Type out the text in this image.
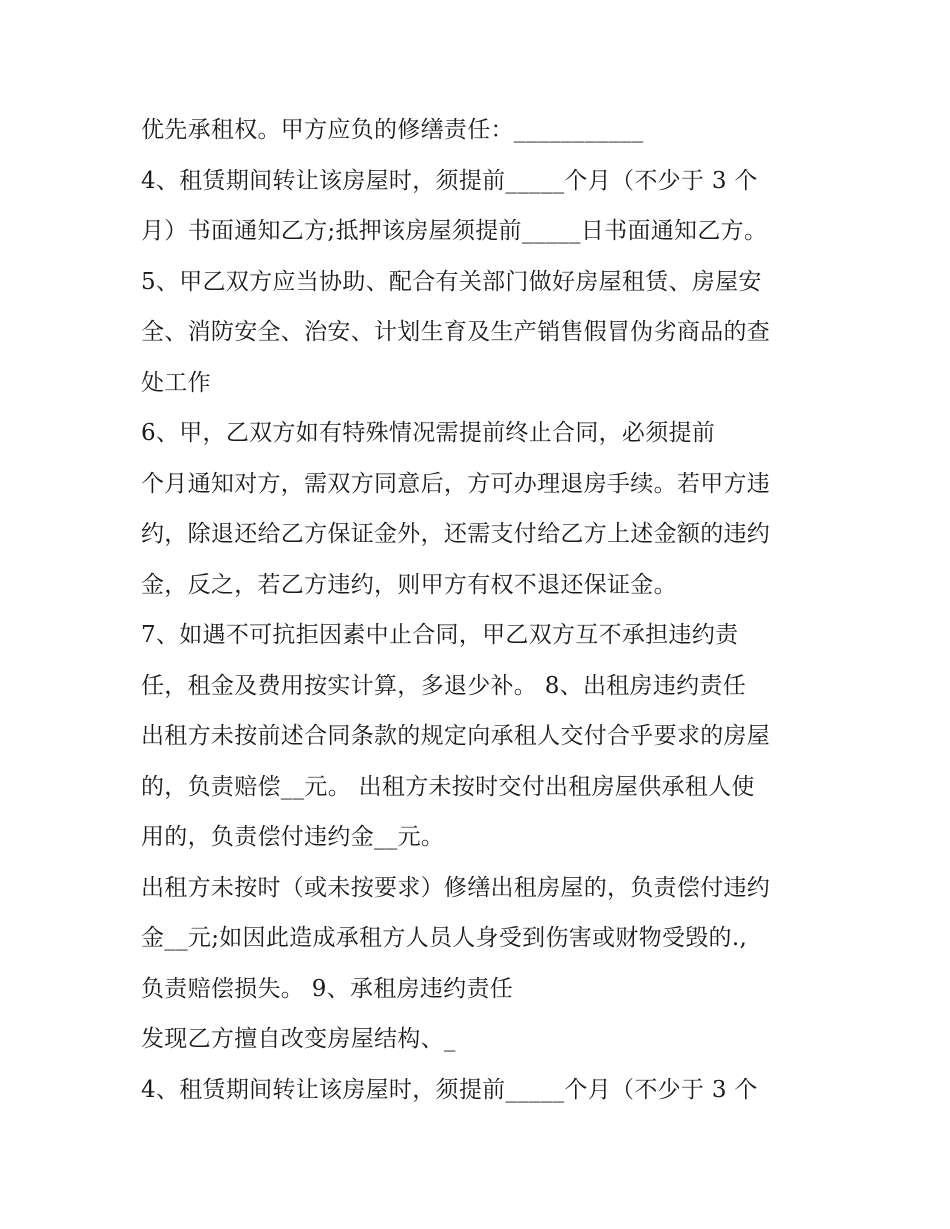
优先承租权。甲方应负的修缮责任：___________
4、租赁期间转让该房屋时，须提前_____个月（不少于 3 个
月）书面通知乙方;抵押该房屋须提前_____日书面通知乙方。
5、甲乙双方应当协助、配合有关部门做好房屋租赁、房屋安
全、消防安全、治安、计划生育及生产销售假冒伪劣商品的查
处工作
6、甲，乙双方如有特殊情况需提前终止合同，必须提前
个月通知对方，需双方同意后，方可办理退房手续。若甲方违
约，除退还给乙方保证金外，还需支付给乙方上述金额的违约
金，反之，若乙方违约，则甲方有权不退还保证金。
7、如遇不可抗拒因素中止合同，甲乙双方互不承担违约责
任，租金及费用按实计算，多退少补。 8、出租房违约责任
出租方未按前述合同条款的规定向承租人交付合乎要求的房屋
的，负责赔偿__元。 出租方未按时交付出租房屋供承租人使
用的，负责偿付违约金__元。
出租方未按时（或未按要求）修缮出租房屋的，负责偿付违约
金__元;如因此造成承租方人员人身受到伤害或财物受毁的.,
负责赔偿损失。 9、承租房违约责任
发现乙方擅自改变房屋结构、_
4、租赁期间转让该房屋时，须提前_____个月（不少于 3 个
